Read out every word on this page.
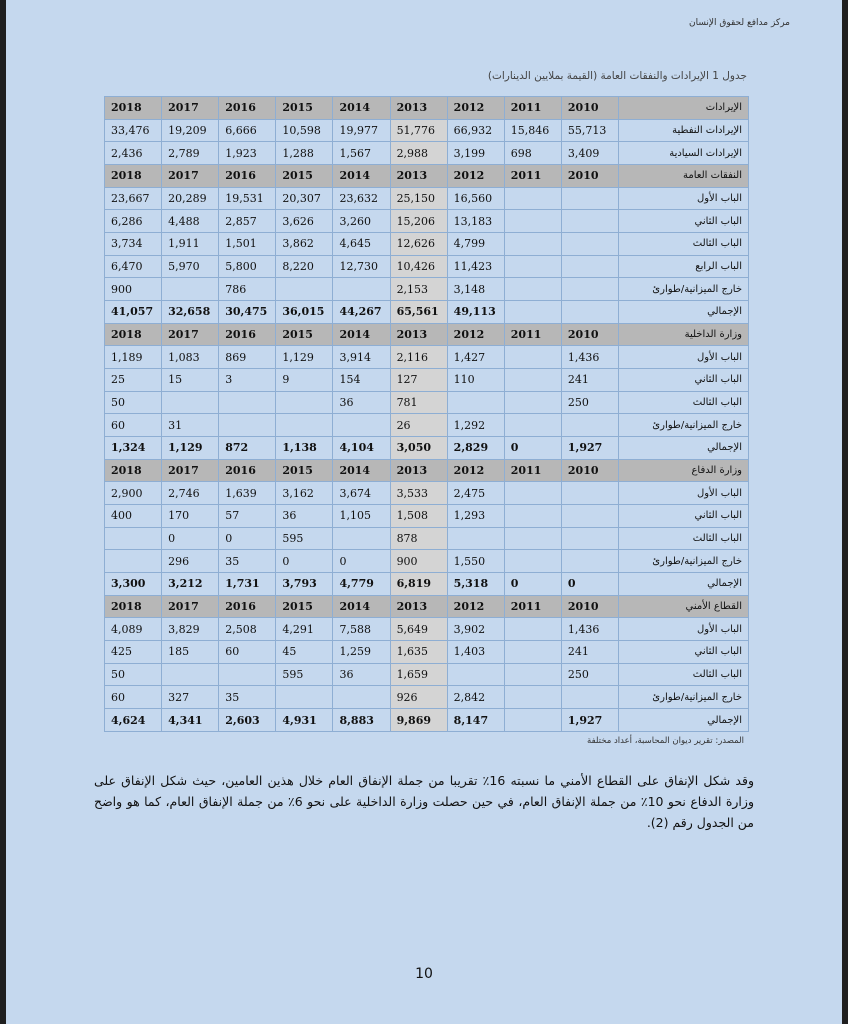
مركز مدافع لحقوق الإنسان
جدول 1 الإيرادات والنفقات العامة (القيمة بملايين الدينارات)
الإيرادات	2010	2011	2012	2013	2014	2015	2016	2017	2018
الإيرادات النفطية	55,713	15,846	66,932	51,776	19,977	10,598	6,666	19,209	33,476
الإيرادات السيادية	3,409	698	3,199	2,988	1,567	1,288	1,923	2,789	2,436
النفقات العامة	2010	2011	2012	2013	2014	2015	2016	2017	2018
الباب الأول			16,560	25,150	23,632	20,307	19,531	20,289	23,667
الباب الثاني			13,183	15,206	3,260	3,626	2,857	4,488	6,286
الباب الثالث			4,799	12,626	4,645	3,862	1,501	1,911	3,734
الباب الرابع			11,423	10,426	12,730	8,220	5,800	5,970	6,470
خارج الميزانية/طوارئ			3,148	2,153			786		900
الإجمالي			49,113	65,561	44,267	36,015	30,475	32,658	41,057
وزارة الداخلية	2010	2011	2012	2013	2014	2015	2016	2017	2018
الباب الأول	1,436		1,427	2,116	3,914	1,129	869	1,083	1,189
الباب الثاني	241		110	127	154	9	3	15	25
الباب الثالث	250			781	36				50
خارج الميزانية/طوارئ			1,292	26				31	60
الإجمالي	1,927	0	2,829	3,050	4,104	1,138	872	1,129	1,324
وزارة الدفاع	2010	2011	2012	2013	2014	2015	2016	2017	2018
الباب الأول			2,475	3,533	3,674	3,162	1,639	2,746	2,900
الباب الثاني			1,293	1,508	1,105	36	57	170	400
الباب الثالث				878		595	0	0	
خارج الميزانية/طوارئ			1,550	900	0	0	35	296	
الإجمالي	0	0	5,318	6,819	4,779	3,793	1,731	3,212	3,300
القطاع الأمني	2010	2011	2012	2013	2014	2015	2016	2017	2018
الباب الأول	1,436		3,902	5,649	7,588	4,291	2,508	3,829	4,089
الباب الثاني	241		1,403	1,635	1,259	45	60	185	425
الباب الثالث	250			1,659	36	595			50
خارج الميزانية/طوارئ			2,842	926			35	327	60
الإجمالي	1,927		8,147	9,869	8,883	4,931	2,603	4,341	4,624
المصدر: تقرير ديوان المحاسبة، أعداد مختلفة
وقد شكل الإنفاق على القطاع الأمني ما نسبته 16٪ تقريبا من جملة الإنفاق العام خلال هذين العامين، حيث شكل الإنفاق على وزارة الدفاع نحو 10٪ من جملة الإنفاق العام، في حين حصلت وزارة الداخلية على نحو 6٪ من جملة الإنفاق العام، كما هو واضح من الجدول رقم (2).
10
